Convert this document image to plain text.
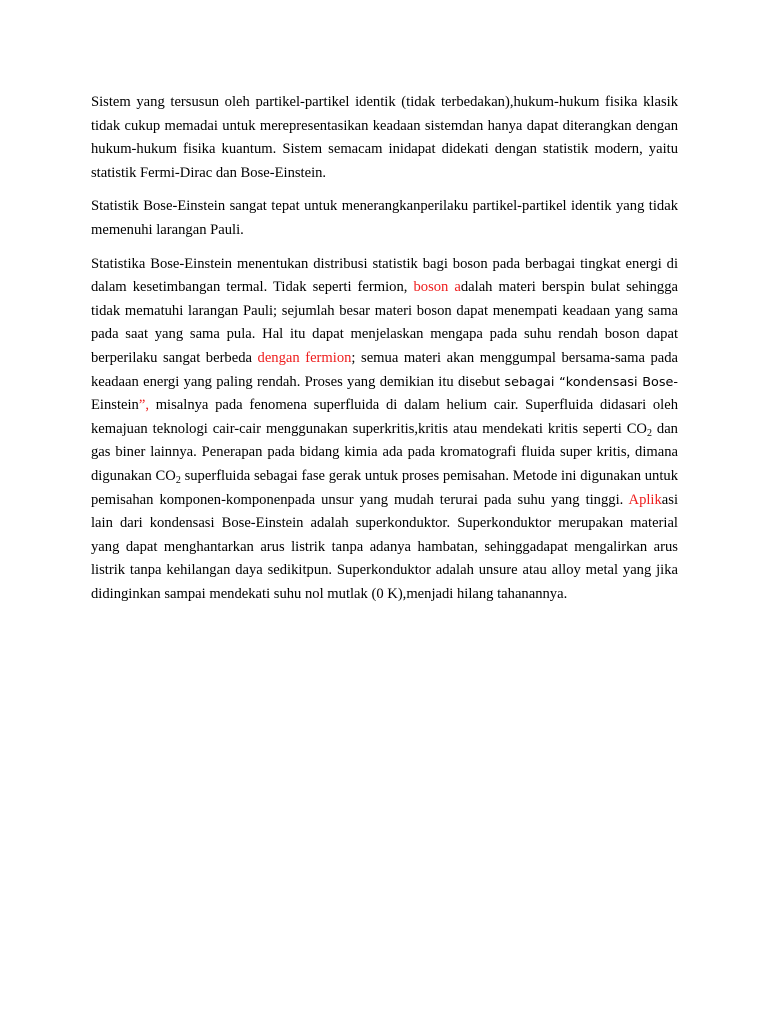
Sistem yang tersusun oleh partikel-partikel identik (tidak terbedakan),hukum-hukum fisika klasik tidak cukup memadai untuk merepresentasikan keadaan sistemdan hanya dapat diterangkan dengan hukum-hukum fisika kuantum. Sistem semacam inidapat didekati dengan statistik modern, yaitu statistik Fermi-Dirac dan Bose-Einstein.

Statistik Bose-Einstein sangat tepat untuk menerangkanperilaku partikel-partikel identik yang tidak memenuhi larangan Pauli.

Statistika Bose-Einstein menentukan distribusi statistik bagi boson pada berbagai tingkat energi di dalam kesetimbangan termal. Tidak seperti fermion, boson adalah materi berspin bulat sehingga tidak mematuhi larangan Pauli; sejumlah besar materi boson dapat menempati keadaan yang sama pada saat yang sama pula. Hal itu dapat menjelaskan mengapa pada suhu rendah boson dapat berperilaku sangat berbeda dengan fermion; semua materi akan menggumpal bersama-sama pada keadaan energi yang paling rendah. Proses yang demikian itu disebut sebagai “kondensasi Bose-Einstein”, misalnya pada fenomena superfluida di dalam helium cair. Superfluida didasari oleh kemajuan teknologi cair-cair menggunakan superkritis,kritis atau mendekati kritis seperti $CO_2$ dan gas biner lainnya. Penerapan pada bidang kimia ada pada kromatografi fluida super kritis, dimana digunakan $CO_2$ superfluida sebagai fase gerak untuk proses pemisahan. Metode ini digunakan untuk pemisahan komponen-komponenpada unsur yang mudah terurai pada suhu yang tinggi. Aplikasi lain dari kondensasi Bose-Einstein adalah superkonduktor. Superkonduktor merupakan material yang dapat menghantarkan arus listrik tanpa adanya hambatan, sehinggadapat mengalirkan arus listrik tanpa kehilangan daya sedikitpun. Superkonduktor adalah unsure atau alloy metal yang jika didinginkan sampai mendekati suhu nol mutlak (0 K),menjadi hilang tahanannya.
